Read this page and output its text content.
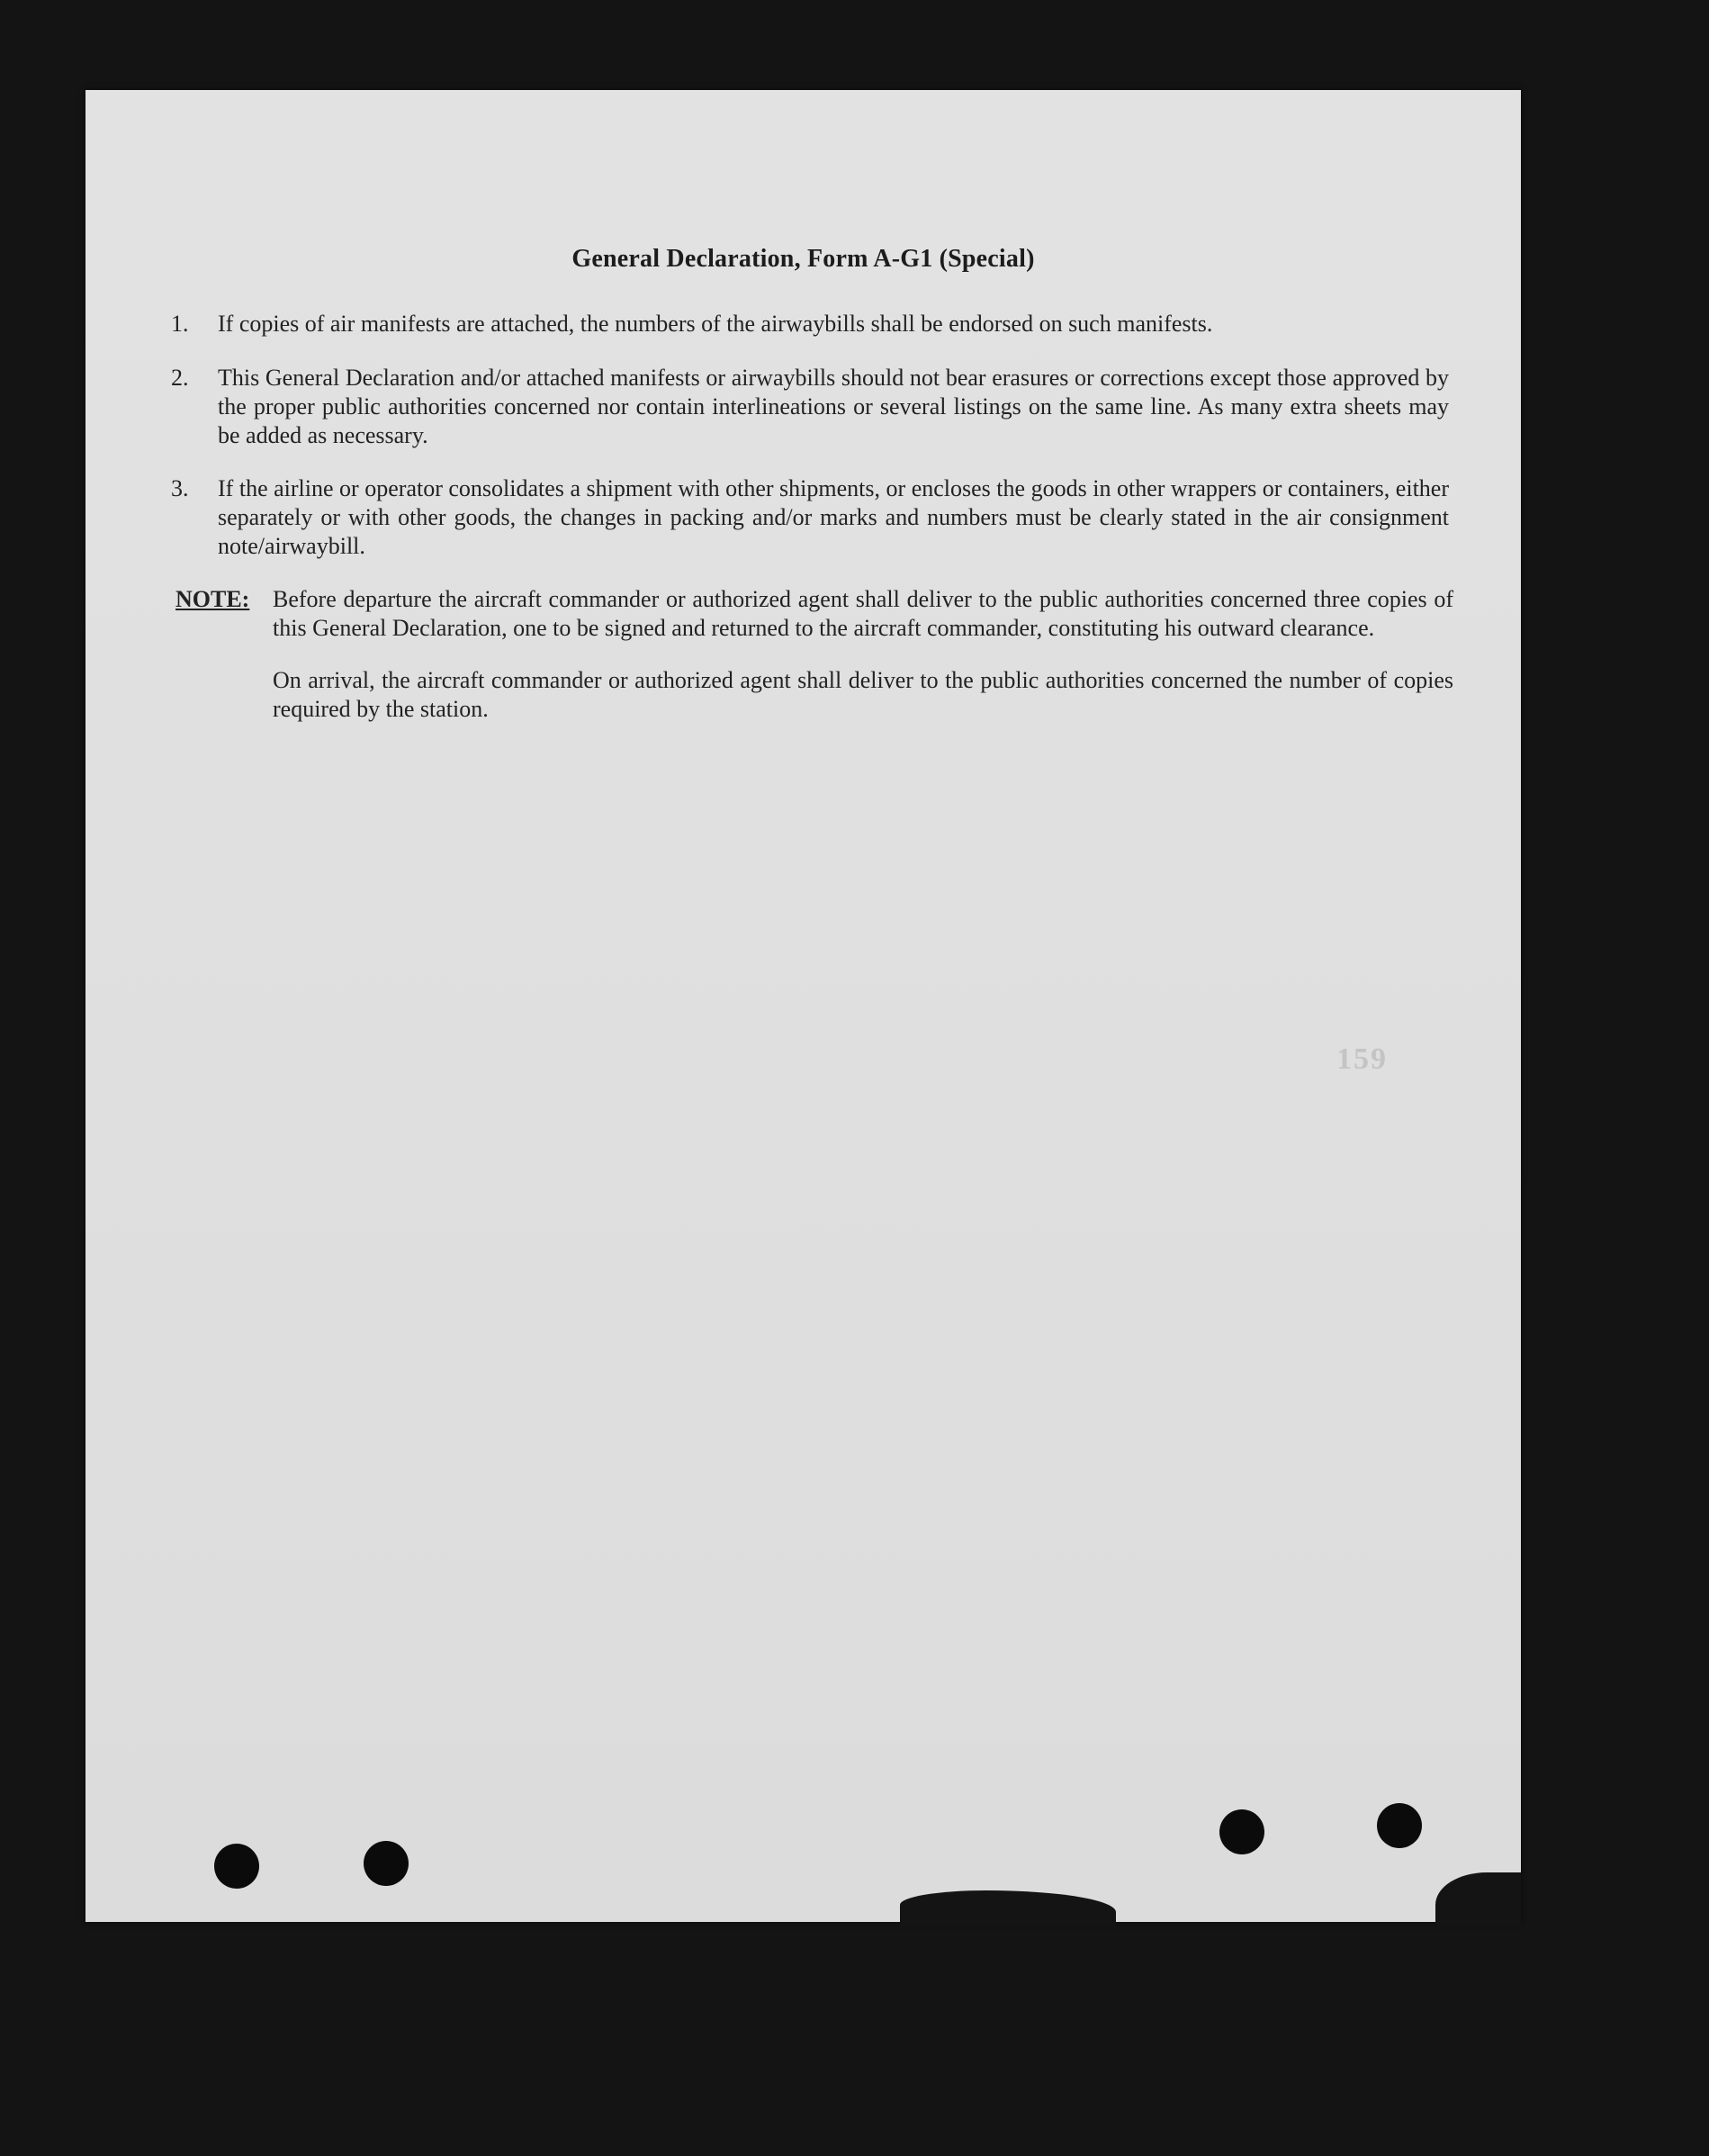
General Declaration, Form A-G1 (Special)
1.	If copies of air manifests are attached, the numbers of the airwaybills shall be endorsed on such manifests.
2.	This General Declaration and/or attached manifests or airwaybills should not bear erasures or corrections except those approved by the proper public authorities concerned nor contain interlineations or several listings on the same line. As many extra sheets may be added as necessary.
3.	If the airline or operator consolidates a shipment with other shipments, or encloses the goods in other wrappers or containers, either separately or with other goods, the changes in packing and/or marks and numbers must be clearly stated in the air consignment note/airwaybill.
NOTE: Before departure the aircraft commander or authorized agent shall deliver to the public authorities concerned three copies of this General Declaration, one to be signed and returned to the aircraft commander, constituting his outward clearance.
On arrival, the aircraft commander or authorized agent shall deliver to the public authorities concerned the number of copies required by the station.
159
